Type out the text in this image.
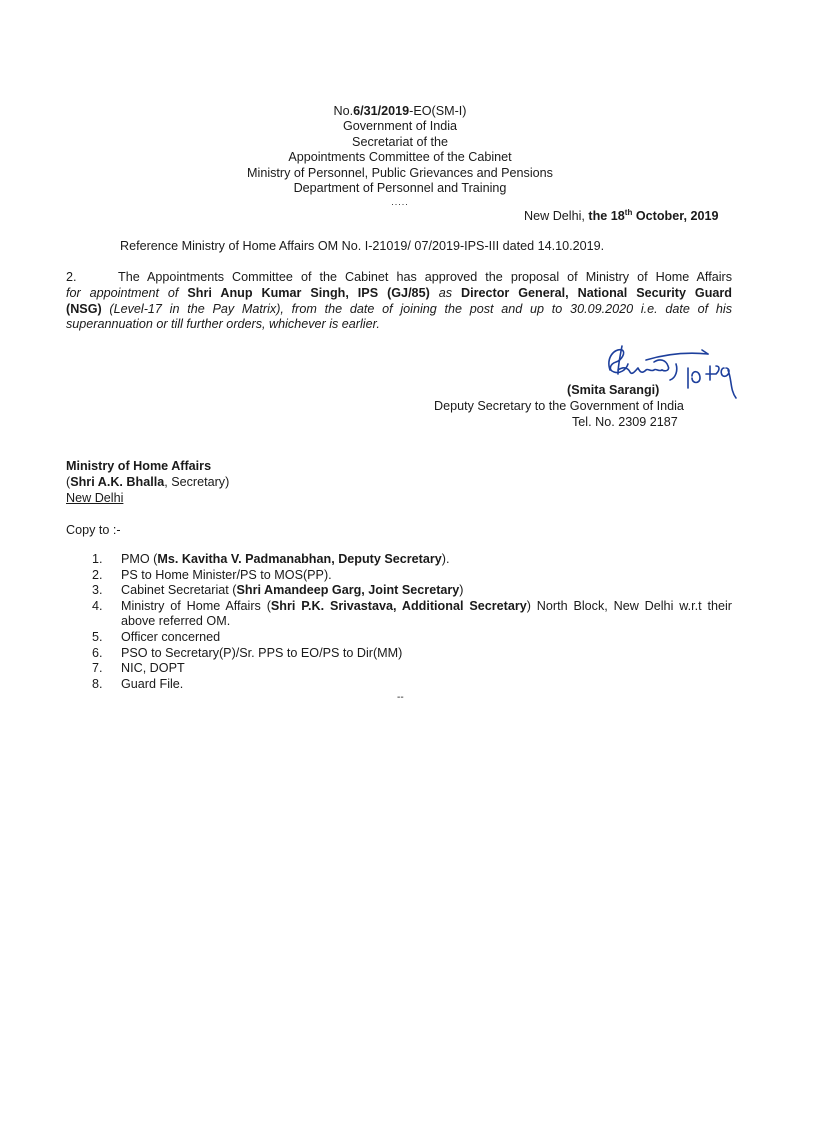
No.6/31/2019-EO(SM-I)
Government of India
Secretariat of the
Appointments Committee of the Cabinet
Ministry of Personnel, Public Grievances and Pensions
Department of Personnel and Training
.....
New Delhi, the 18th October, 2019
Reference Ministry of Home Affairs OM No. I-21019/ 07/2019-IPS-III dated 14.10.2019.
2.	The Appointments Committee of the Cabinet has approved the proposal of Ministry of Home Affairs
for appointment of Shri Anup Kumar Singh, IPS (GJ/85) as Director General, National Security Guard
(NSG) (Level-17 in the Pay Matrix), from the date of joining the post and up to 30.09.2020 i.e. date of his
superannuation or till further orders, whichever is earlier.
(Smita Sarangi)
Deputy Secretary to the Government of India
Tel. No. 2309 2187
Ministry of Home Affairs
(Shri A.K. Bhalla, Secretary)
New Delhi
Copy to :-
1.	PMO (Ms. Kavitha V. Padmanabhan, Deputy Secretary).
2.	PS to Home Minister/PS to MOS(PP).
3.	Cabinet Secretariat (Shri Amandeep Garg, Joint Secretary)
4.	Ministry of Home Affairs (Shri P.K. Srivastava, Additional Secretary) North Block, New Delhi w.r.t their above referred OM.
5.	Officer concerned
6.	PSO to Secretary(P)/Sr. PPS to EO/PS to Dir(MM)
7.	NIC, DOPT
8.	Guard File.
--
